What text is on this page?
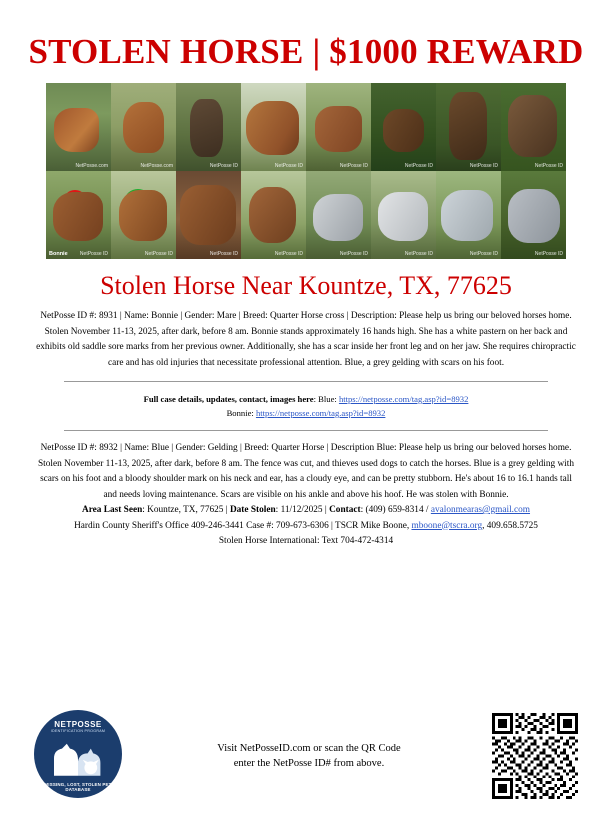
STOLEN HORSE | $1000 REWARD
NetPosse.com	NetPosse.com	NetPosse ID	NetPosse ID	NetPosse ID	NetPosse ID	NetPosse ID	NetPosse ID
Bonnie NetPosse ID	NetPosse ID	NetPosse ID	NetPosse ID	NetPosse ID	NetPosse ID	NetPosse ID	NetPosse ID
Stolen Horse Near Kountze, TX, 77625

NetPosse ID #: 8931 | Name: Bonnie | Gender: Mare | Breed: Quarter Horse cross | Description: Please help us bring our beloved horses home. Stolen November 11-13, 2025, after dark, before 8 am. Bonnie stands approximately 16 hands high. She has a white pastern on her back and exhibits old saddle sore marks from her previous owner. Additionally, she has a scar inside her front leg and on her jaw. She requires chiropractic care and has old injuries that necessitate professional attention. Blue, a grey gelding with scars on his foot.

Full case details, updates, contact, images here: Blue: https://netposse.com/tag.asp?id=8932
Bonnie: https://netposse.com/tag.asp?id=8932

NetPosse ID #: 8932 | Name: Blue | Gender: Gelding | Breed: Quarter Horse | Description Blue: Please help us bring our beloved horses home. Stolen November 11-13, 2025, after dark, before 8 am. The fence was cut, and thieves used dogs to catch the horses. Blue is a grey gelding with scars on his foot and a bloody shoulder mark on his neck and ear, has a cloudy eye, and can be pretty stubborn. He's about 16 to 16.1 hands tall and needs loving maintenance. Scars are visible on his ankle and above his hoof. He was stolen with Bonnie.

Area Last Seen: Kountze, TX, 77625 | Date Stolen: 11/12/2025 | Contact: (409) 659-8314 / avalonmearas@gmail.com
Hardin County Sheriff's Office 409-246-3441 Case #: 709-673-6306 | TSCR Mike Boone, mboone@tscra.org, 409.658.5725
Stolen Horse International: Text 704-472-4314
NETPOSSE
IDENTIFICATION PROGRAM
MISSING, LOST, STOLEN PET DATABASE
Visit NetPosseID.com or scan the QR Code
enter the NetPosse ID# from above.
